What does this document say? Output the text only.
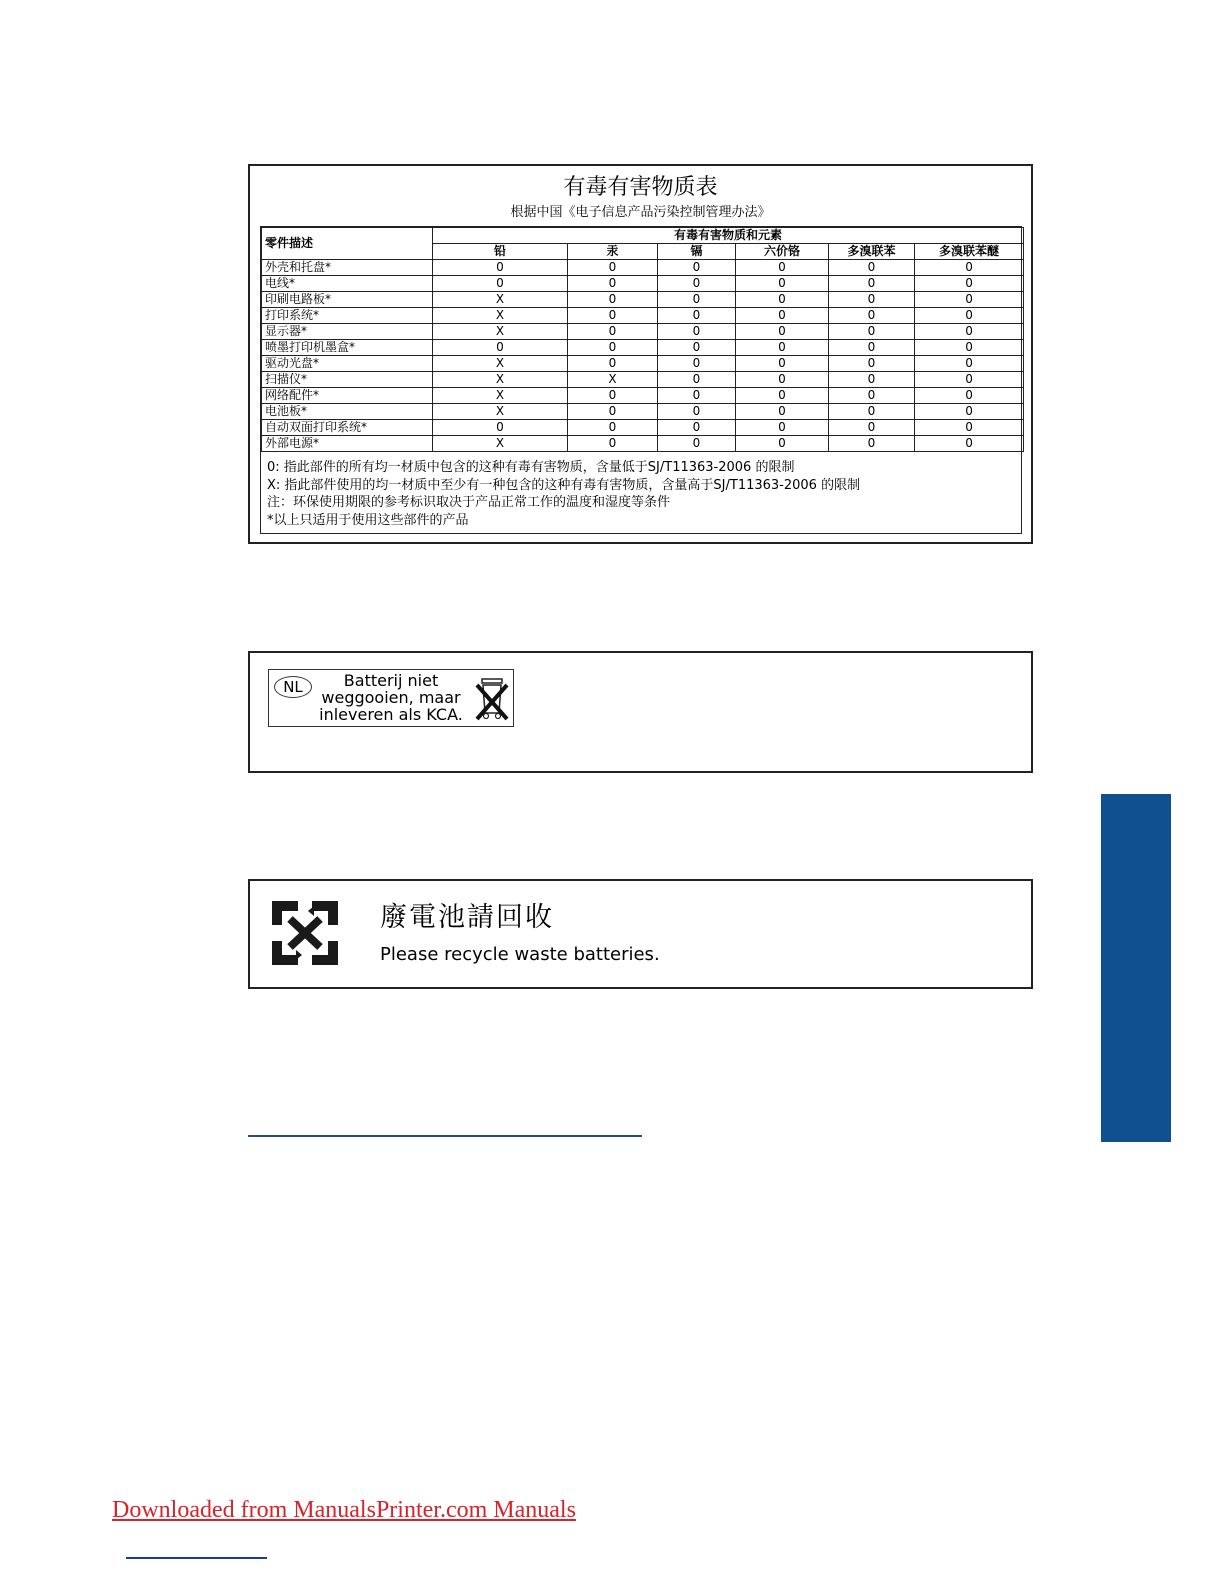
有毒有害物质表
根据中国《电子信息产品污染控制管理办法》
零件描述	有毒有害物质和元素					
	铅	汞	镉	六价铬	多溴联苯	多溴联苯醚
外壳和托盘*	0	0	0	0	0	0
电线*	0	0	0	0	0	0
印刷电路板*	X	0	0	0	0	0
打印系统*	X	0	0	0	0	0
显示器*	X	0	0	0	0	0
喷墨打印机墨盒*	0	0	0	0	0	0
驱动光盘*	X	0	0	0	0	0
扫描仪*	X	X	0	0	0	0
网络配件*	X	0	0	0	0	0
电池板*	X	0	0	0	0	0
自动双面打印系统*	0	0	0	0	0	0
外部电源*	X	0	0	0	0	0
0: 指此部件的所有均一材质中包含的这种有毒有害物质，含量低于SJ/T11363-2006 的限制
X: 指此部件使用的均一材质中至少有一种包含的这种有毒有害物质，含量高于SJ/T11363-2006 的限制
注：环保使用期限的参考标识取决于产品正常工作的温度和湿度等条件
*以上只适用于使用这些部件的产品
NL	Batterij niet
weggooien, maar
inleveren als KCA.
廢電池請回收
Please recycle waste batteries.
Downloaded from ManualsPrinter.com Manuals
